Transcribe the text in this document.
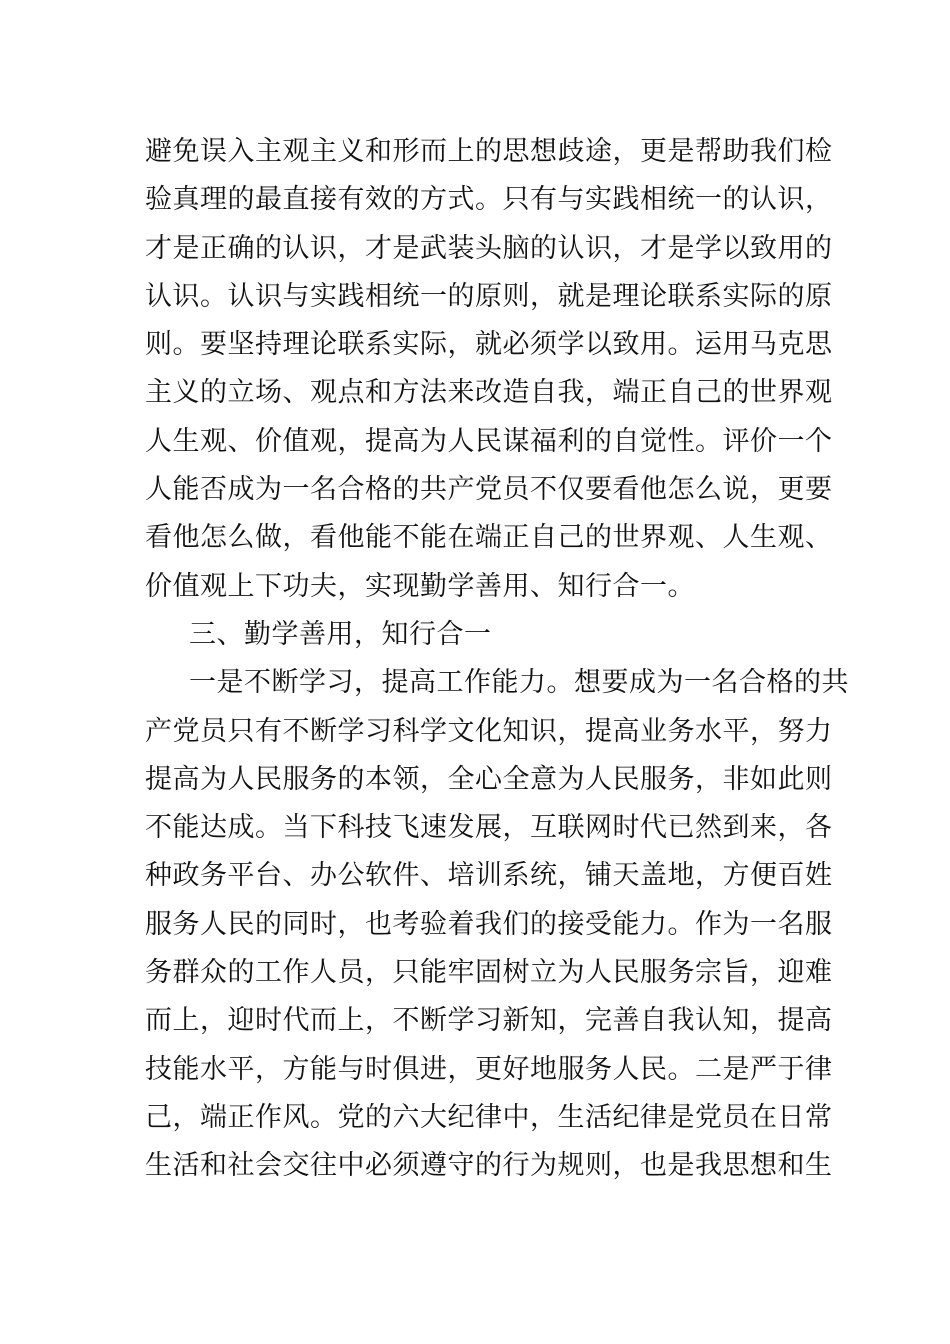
避免误入主观主义和形而上的思想歧途，更是帮助我们检
验真理的最直接有效的方式。只有与实践相统一的认识，
才是正确的认识，才是武装头脑的认识，才是学以致用的
认识。认识与实践相统一的原则，就是理论联系实际的原
则。要坚持理论联系实际，就必须学以致用。运用马克思
主义的立场、观点和方法来改造自我，端正自己的世界观
人生观、价值观，提高为人民谋福利的自觉性。评价一个
人能否成为一名合格的共产党员不仅要看他怎么说，更要
看他怎么做，看他能不能在端正自己的世界观、人生观、
价值观上下功夫，实现勤学善用、知行合一。
三、勤学善用，知行合一
一是不断学习，提高工作能力。想要成为一名合格的共
产党员只有不断学习科学文化知识，提高业务水平，努力
提高为人民服务的本领，全心全意为人民服务，非如此则
不能达成。当下科技飞速发展，互联网时代已然到来，各
种政务平台、办公软件、培训系统，铺天盖地，方便百姓
服务人民的同时，也考验着我们的接受能力。作为一名服
务群众的工作人员，只能牢固树立为人民服务宗旨，迎难
而上，迎时代而上，不断学习新知，完善自我认知，提高
技能水平，方能与时俱进，更好地服务人民。二是严于律
己，端正作风。党的六大纪律中，生活纪律是党员在日常
生活和社会交往中必须遵守的行为规则，也是我思想和生
